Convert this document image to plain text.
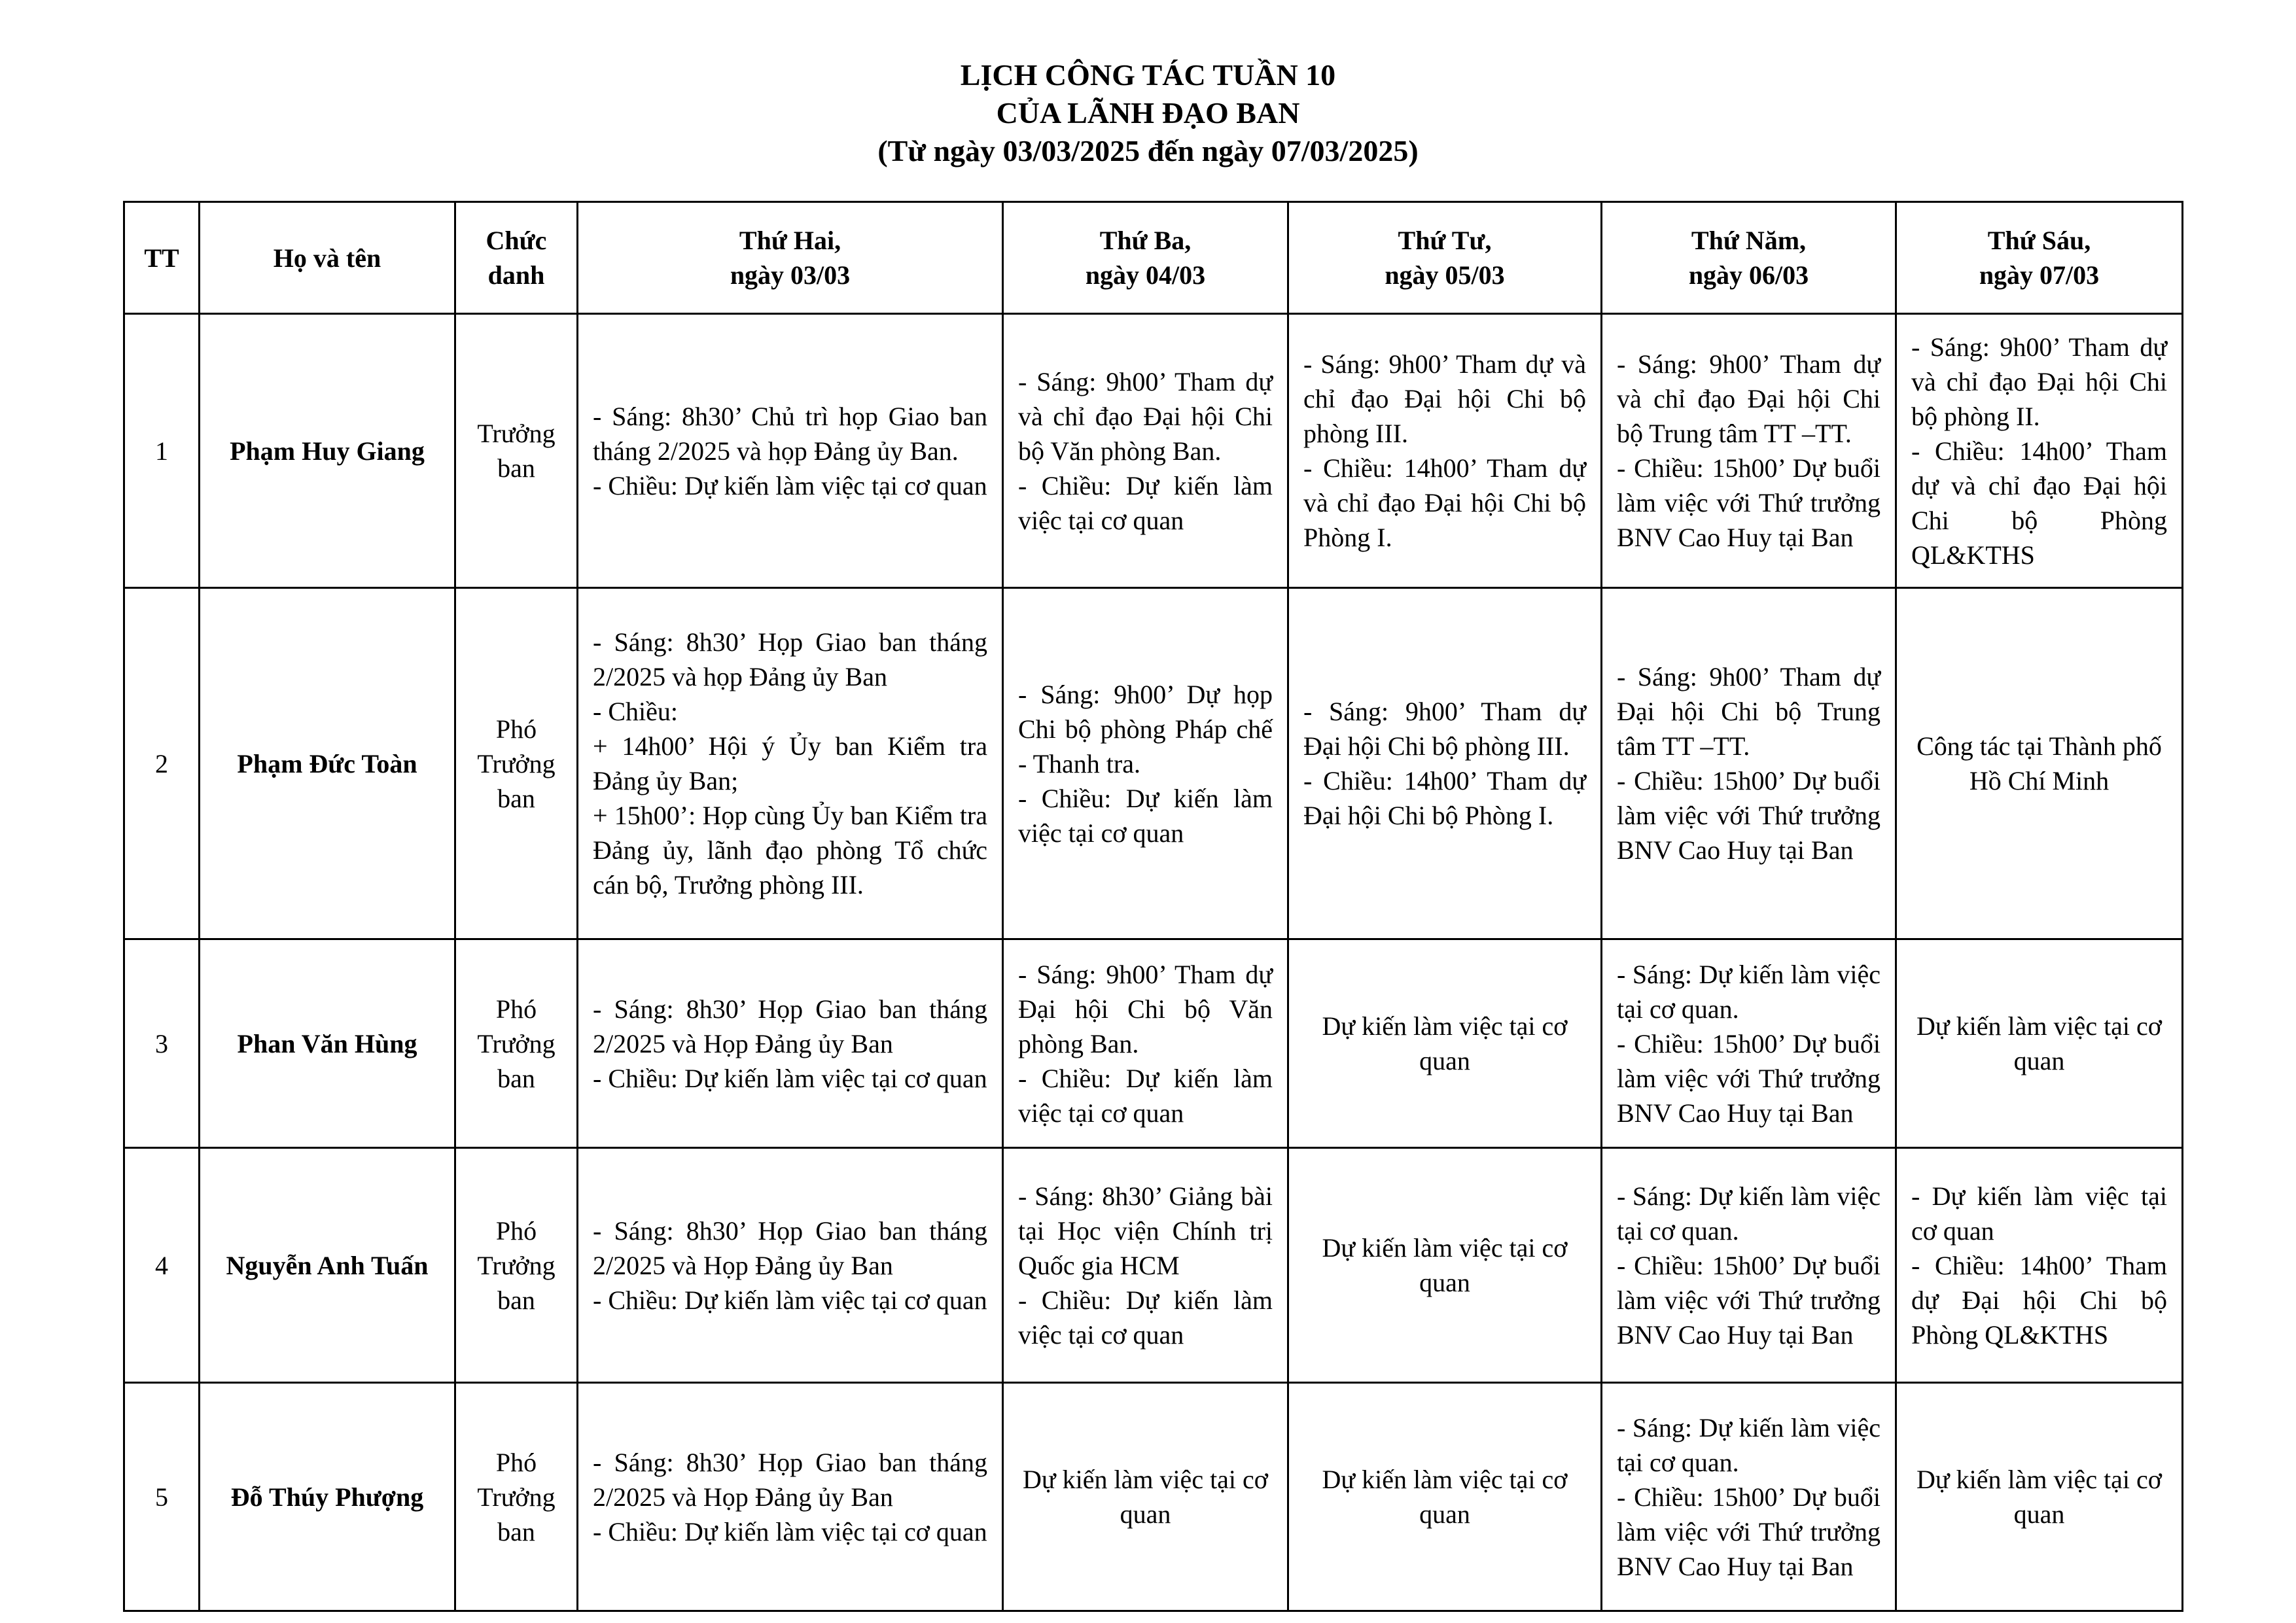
LỊCH CÔNG TÁC TUẦN 10
CỦA LÃNH ĐẠO BAN
(Từ ngày 03/03/2025 đến ngày 07/03/2025)
TT	Họ và tên	Chức
danh	Thứ Hai,
ngày 03/03	Thứ Ba,
ngày 04/03	Thứ Tư,
ngày 05/03	Thứ Năm,
ngày 06/03	Thứ Sáu,
ngày 07/03

1	Phạm Huy Giang	Trưởng ban	- Sáng: 8h30’ Chủ trì họp Giao ban tháng 2/2025 và họp Đảng ủy Ban.
- Chiều: Dự kiến làm việc tại cơ quan	- Sáng: 9h00’ Tham dự và chỉ đạo Đại hội Chi bộ Văn phòng Ban.
- Chiều: Dự kiến làm việc tại cơ quan	- Sáng: 9h00’ Tham dự và chỉ đạo Đại hội Chi bộ phòng III.
- Chiều: 14h00’ Tham dự và chỉ đạo Đại hội Chi bộ Phòng I.	- Sáng: 9h00’ Tham dự và chỉ đạo Đại hội Chi bộ Trung tâm TT –TT.
- Chiều: 15h00’ Dự buổi làm việc với Thứ trưởng BNV Cao Huy tại Ban	- Sáng: 9h00’ Tham dự và chỉ đạo Đại hội Chi bộ phòng II.
- Chiều: 14h00’ Tham dự và chỉ đạo Đại hội Chi bộ Phòng QL&KTHS

2	Phạm Đức Toàn	Phó Trưởng ban	- Sáng: 8h30’ Họp Giao ban tháng 2/2025 và họp Đảng ủy Ban
- Chiều:
+ 14h00’ Hội ý Ủy ban Kiểm tra Đảng ủy Ban;
+ 15h00’: Họp cùng Ủy ban Kiểm tra Đảng ủy, lãnh đạo phòng Tổ chức cán bộ, Trưởng phòng III.	- Sáng: 9h00’ Dự họp Chi bộ phòng Pháp chế - Thanh tra.
- Chiều: Dự kiến làm việc tại cơ quan	- Sáng: 9h00’ Tham dự Đại hội Chi bộ phòng III.
- Chiều: 14h00’ Tham dự Đại hội Chi bộ Phòng I.	- Sáng: 9h00’ Tham dự Đại hội Chi bộ Trung tâm TT –TT.
- Chiều: 15h00’ Dự buổi làm việc với Thứ trưởng BNV Cao Huy tại Ban	Công tác tại Thành phố Hồ Chí Minh

3	Phan Văn Hùng	Phó Trưởng ban	- Sáng: 8h30’ Họp Giao ban tháng 2/2025 và Họp Đảng ủy Ban
- Chiều: Dự kiến làm việc tại cơ quan	- Sáng: 9h00’ Tham dự Đại hội Chi bộ Văn phòng Ban.
- Chiều: Dự kiến làm việc tại cơ quan	Dự kiến làm việc tại cơ quan	- Sáng: Dự kiến làm việc tại cơ quan.
- Chiều: 15h00’ Dự buổi làm việc với Thứ trưởng BNV Cao Huy tại Ban	Dự kiến làm việc tại cơ quan

4	Nguyễn Anh Tuấn	Phó Trưởng ban	- Sáng: 8h30’ Họp Giao ban tháng 2/2025 và Họp Đảng ủy Ban
- Chiều: Dự kiến làm việc tại cơ quan	- Sáng: 8h30’ Giảng bài tại Học viện Chính trị Quốc gia HCM
- Chiều: Dự kiến làm việc tại cơ quan	Dự kiến làm việc tại cơ quan	- Sáng: Dự kiến làm việc tại cơ quan.
- Chiều: 15h00’ Dự buổi làm việc với Thứ trưởng BNV Cao Huy tại Ban	- Dự kiến làm việc tại cơ quan
- Chiều: 14h00’ Tham dự Đại hội Chi bộ Phòng QL&KTHS

5	Đỗ Thúy Phượng	Phó Trưởng ban	- Sáng: 8h30’ Họp Giao ban tháng 2/2025 và Họp Đảng ủy Ban
- Chiều: Dự kiến làm việc tại cơ quan	Dự kiến làm việc tại cơ quan	Dự kiến làm việc tại cơ quan	- Sáng: Dự kiến làm việc tại cơ quan.
- Chiều: 15h00’ Dự buổi làm việc với Thứ trưởng BNV Cao Huy tại Ban	Dự kiến làm việc tại cơ quan
